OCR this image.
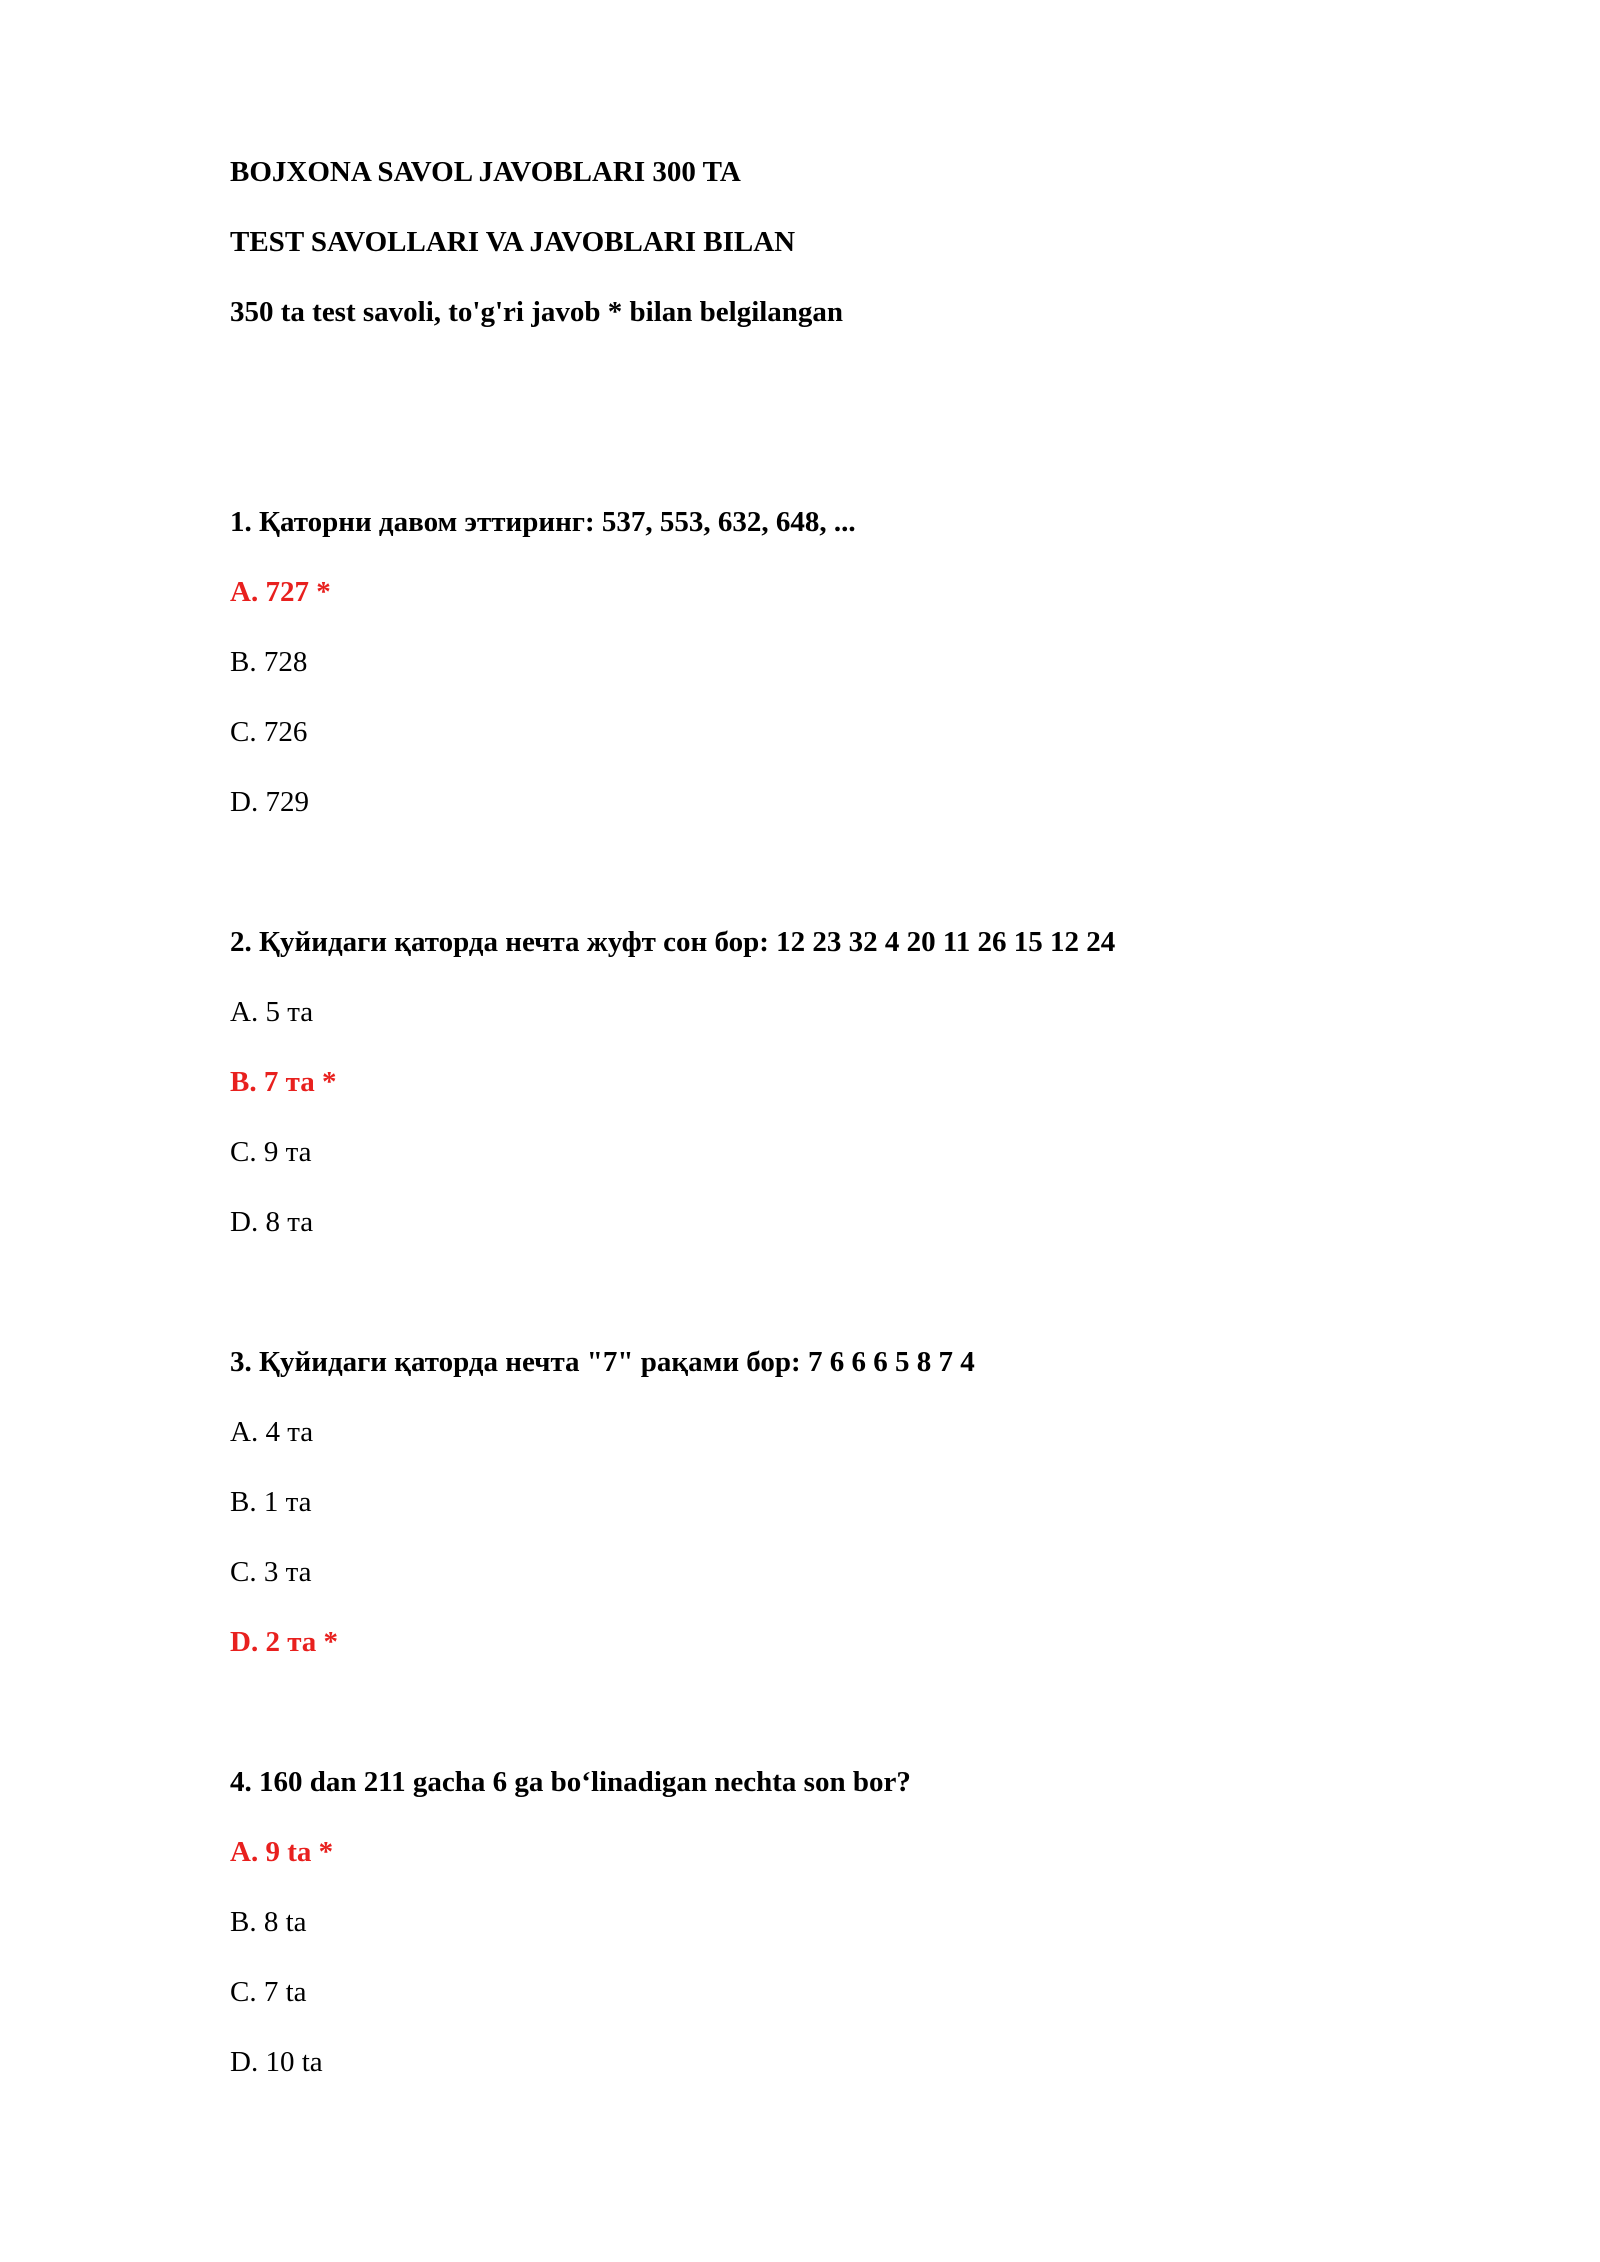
BOJXONA SAVOL JAVOBLARI 300 TA
TEST SAVOLLARI VA JAVOBLARI BILAN
350 ta test savoli, to'g'ri javob * bilan belgilangan
1. Қаторни давом эттиринг: 537, 553, 632, 648, ...
A. 727 *
B. 728
C. 726
D. 729
2. Қуйидаги қаторда нечта жуфт сон бор: 12 23 32 4 20 11 26 15 12 24
A. 5 та
B. 7 та *
C. 9 та
D. 8 та
3. Қуйидаги қаторда нечта "7" рақами бор: 7 6 6 6 5 8 7 4
A. 4 та
B. 1 та
C. 3 та
D. 2 та *
4. 160 dan 211 gacha 6 ga bo‘linadigan nechta son bor?
A. 9 ta *
B. 8 ta
C. 7 ta
D. 10 ta
